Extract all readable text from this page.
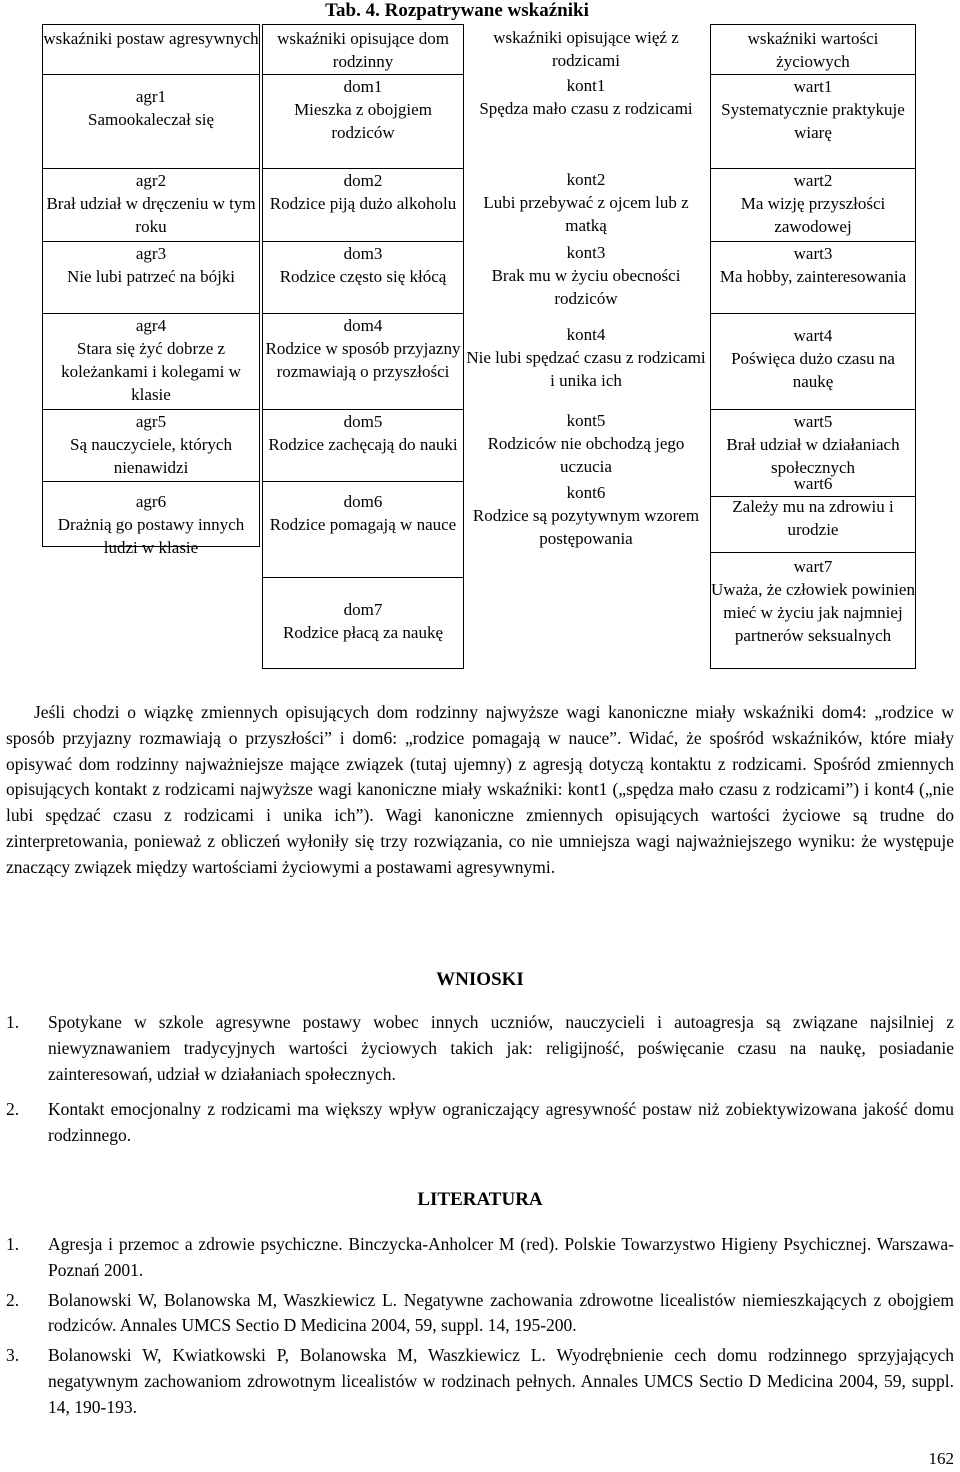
Tab. 4. Rozpatrywane wskaźniki
wskaźniki postaw agresywnych
agr1
Samookaleczał się
agr2
Brał udział w dręczeniu w tym roku
agr3
Nie lubi patrzeć na bójki
agr4
Stara się żyć dobrze z koleżankami i kolegami w klasie
agr5
Są nauczyciele, których nienawidzi
agr6
Drażnią go postawy innych ludzi w klasie
wskaźniki opisujące dom rodzinny
dom1
Mieszka z obojgiem rodziców
dom2
Rodzice piją dużo alkoholu
dom3
Rodzice często się kłócą
dom4
Rodzice w sposób przyjazny rozmawiają o przyszłości
dom5
Rodzice zachęcają do nauki
dom6
Rodzice pomagają w nauce
dom7
Rodzice płacą za naukę
wskaźniki opisujące więź z rodzicami
kont1
Spędza mało czasu z rodzicami
kont2
Lubi przebywać z ojcem lub z matką
kont3
Brak mu w życiu obecności rodziców
kont4
Nie lubi spędzać czasu z rodzicami i unika ich
kont5
Rodziców nie obchodzą jego uczucia
kont6
Rodzice są pozytywnym wzorem postępowania
wskaźniki wartości życiowych
wart1
Systematycznie praktykuje wiarę
wart2
Ma wizję przyszłości zawodowej
wart3
Ma hobby, zainteresowania
wart4
Poświęca dużo czasu na naukę
wart5
Brał udział w działaniach społecznych
wart6
Zależy mu na zdrowiu i urodzie
wart7
Uważa, że człowiek powinien mieć w życiu jak najmniej partnerów seksualnych

Jeśli chodzi o wiązkę zmiennych opisujących dom rodzinny najwyższe wagi kanoniczne miały wskaźniki dom4: „rodzice w sposób przyjazny rozmawiają o przyszłości” i dom6: „rodzice pomagają w nauce”. Widać, że spośród wskaźników, które miały opisywać dom rodzinny najważniejsze mające związek (tutaj ujemny) z agresją dotyczą kontaktu z rodzicami. Spośród zmiennych opisujących kontakt z rodzicami najwyższe wagi kanoniczne miały wskaźniki: kont1 („spędza mało czasu z rodzicami”) i kont4 („nie lubi spędzać czasu z rodzicami i unika ich”). Wagi kanoniczne zmiennych opisujących wartości życiowe są trudne do zinterpretowania, ponieważ z obliczeń wyłoniły się trzy rozwiązania, co nie umniejsza wagi najważniejszego wyniku: że występuje znaczący związek między wartościami życiowymi a postawami agresywnymi.

WNIOSKI
1. Spotykane w szkole agresywne postawy wobec innych uczniów, nauczycieli i autoagresja są związane najsilniej z niewyznawaniem tradycyjnych wartości życiowych takich jak: religijność, poświęcanie czasu na naukę, posiadanie zainteresowań, udział w działaniach społecznych.
2. Kontakt emocjonalny z rodzicami ma większy wpływ ograniczający agresywność postaw niż zobiektywizowana jakość domu rodzinnego.
LITERATURA
1. Agresja i przemoc a zdrowie psychiczne. Binczycka-Anholcer M (red). Polskie Towarzystwo Higieny Psychicznej. Warszawa-Poznań 2001.
2. Bolanowski W, Bolanowska M, Waszkiewicz L. Negatywne zachowania zdrowotne licealistów niemieszkających z obojgiem rodziców. Annales UMCS Sectio D Medicina 2004, 59, suppl. 14, 195-200.
3. Bolanowski W, Kwiatkowski P, Bolanowska M, Waszkiewicz L. Wyodrębnienie cech domu rodzinnego sprzyjających negatywnym zachowaniom zdrowotnym licealistów w rodzinach pełnych. Annales UMCS Sectio D Medicina 2004, 59, suppl. 14, 190-193.
162
